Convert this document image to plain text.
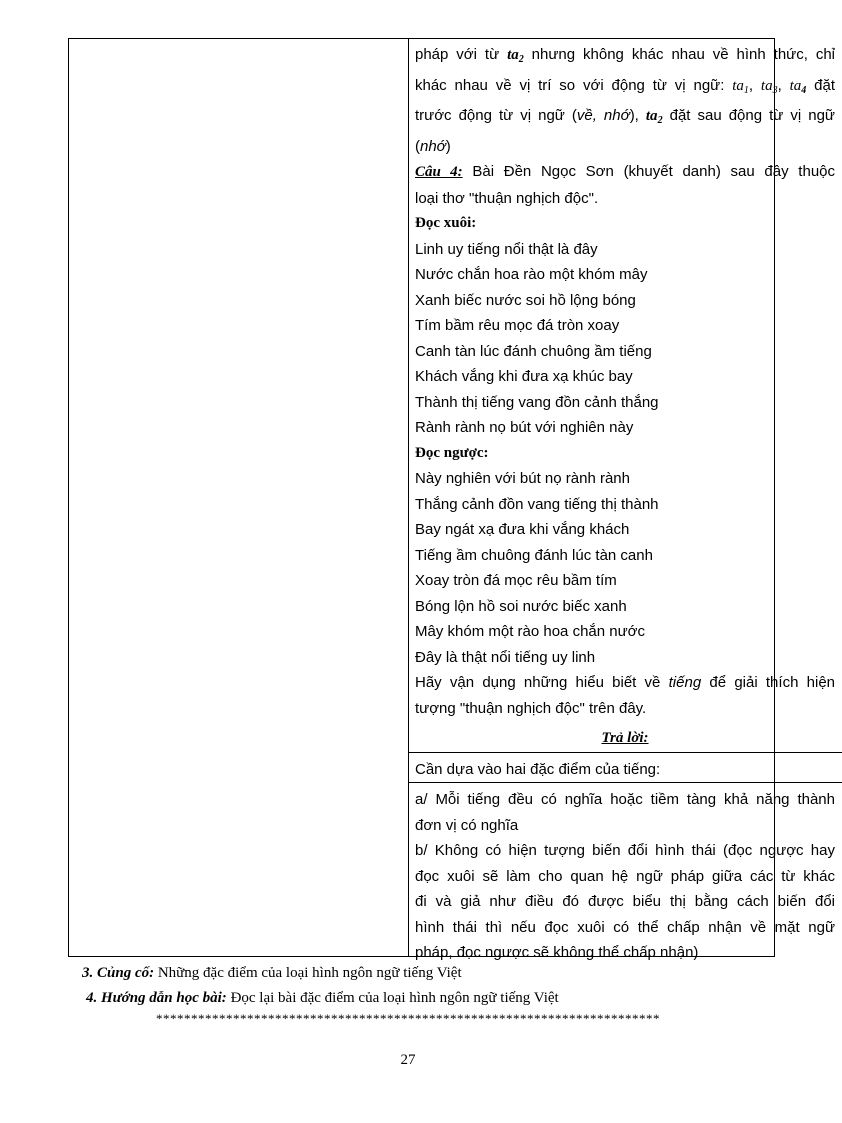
pháp với từ $ta_2$ nhưng không khác nhau về hình thức, chỉ
khác nhau về vị trí so với động từ vị ngữ: $ta_1$, $ta_3$, $ta_4$ đặt
trước động từ vị ngữ (về, nhớ), $ta_2$ đặt sau động từ vị ngữ
(nhớ)
Câu 4: Bài Đền Ngọc Sơn (khuyết danh) sau đây thuộc
loại thơ "thuận nghịch độc".
Đọc xuôi:
Linh uy tiếng nổi thật là đây
Nước chắn hoa rào một khóm mây
Xanh biếc nước soi hồ lộng bóng
Tím bầm rêu mọc đá tròn xoay
Canh tàn lúc đánh chuông ầm tiếng
Khách vắng khi đưa xạ khúc bay
Thành thị tiếng vang đồn cảnh thắng
Rành rành nọ bút với nghiên này
Đọc ngược:
Này nghiên với bút nọ rành rành
Thắng cảnh đồn vang tiếng thị thành
Bay ngát xạ đưa khi vắng khách
Tiếng ầm chuông đánh lúc tàn canh
Xoay tròn đá mọc rêu bầm tím
Bóng lộn hồ soi nước biếc xanh
Mây khóm một rào hoa chắn nước
Đây là thật nổi tiếng uy linh
Hãy vận dụng những hiểu biết về tiếng để giải thích hiện
tượng "thuận nghịch độc" trên đây.
Trả lời:
Cần dựa vào hai đặc điểm của tiếng:
a/ Mỗi tiếng đều có nghĩa hoặc tiềm tàng khả năng thành
đơn vị có nghĩa
b/ Không có hiện tượng biến đổi hình thái (đọc ngược hay
đọc xuôi sẽ làm cho quan hệ ngữ pháp giữa các từ khác
đi và giả như điều đó được biểu thị bằng cách biến đổi
hình thái thì nếu đọc xuôi có thể chấp nhận về mặt ngữ
pháp, đọc ngược sẽ không thể chấp nhận)
3. Củng cố: Những đặc điểm của loại hình ngôn ngữ tiếng Việt
4. Hướng dẫn học bài: Đọc lại bài đặc điểm của loại hình ngôn ngữ tiếng Việt
************************************************************************
27
